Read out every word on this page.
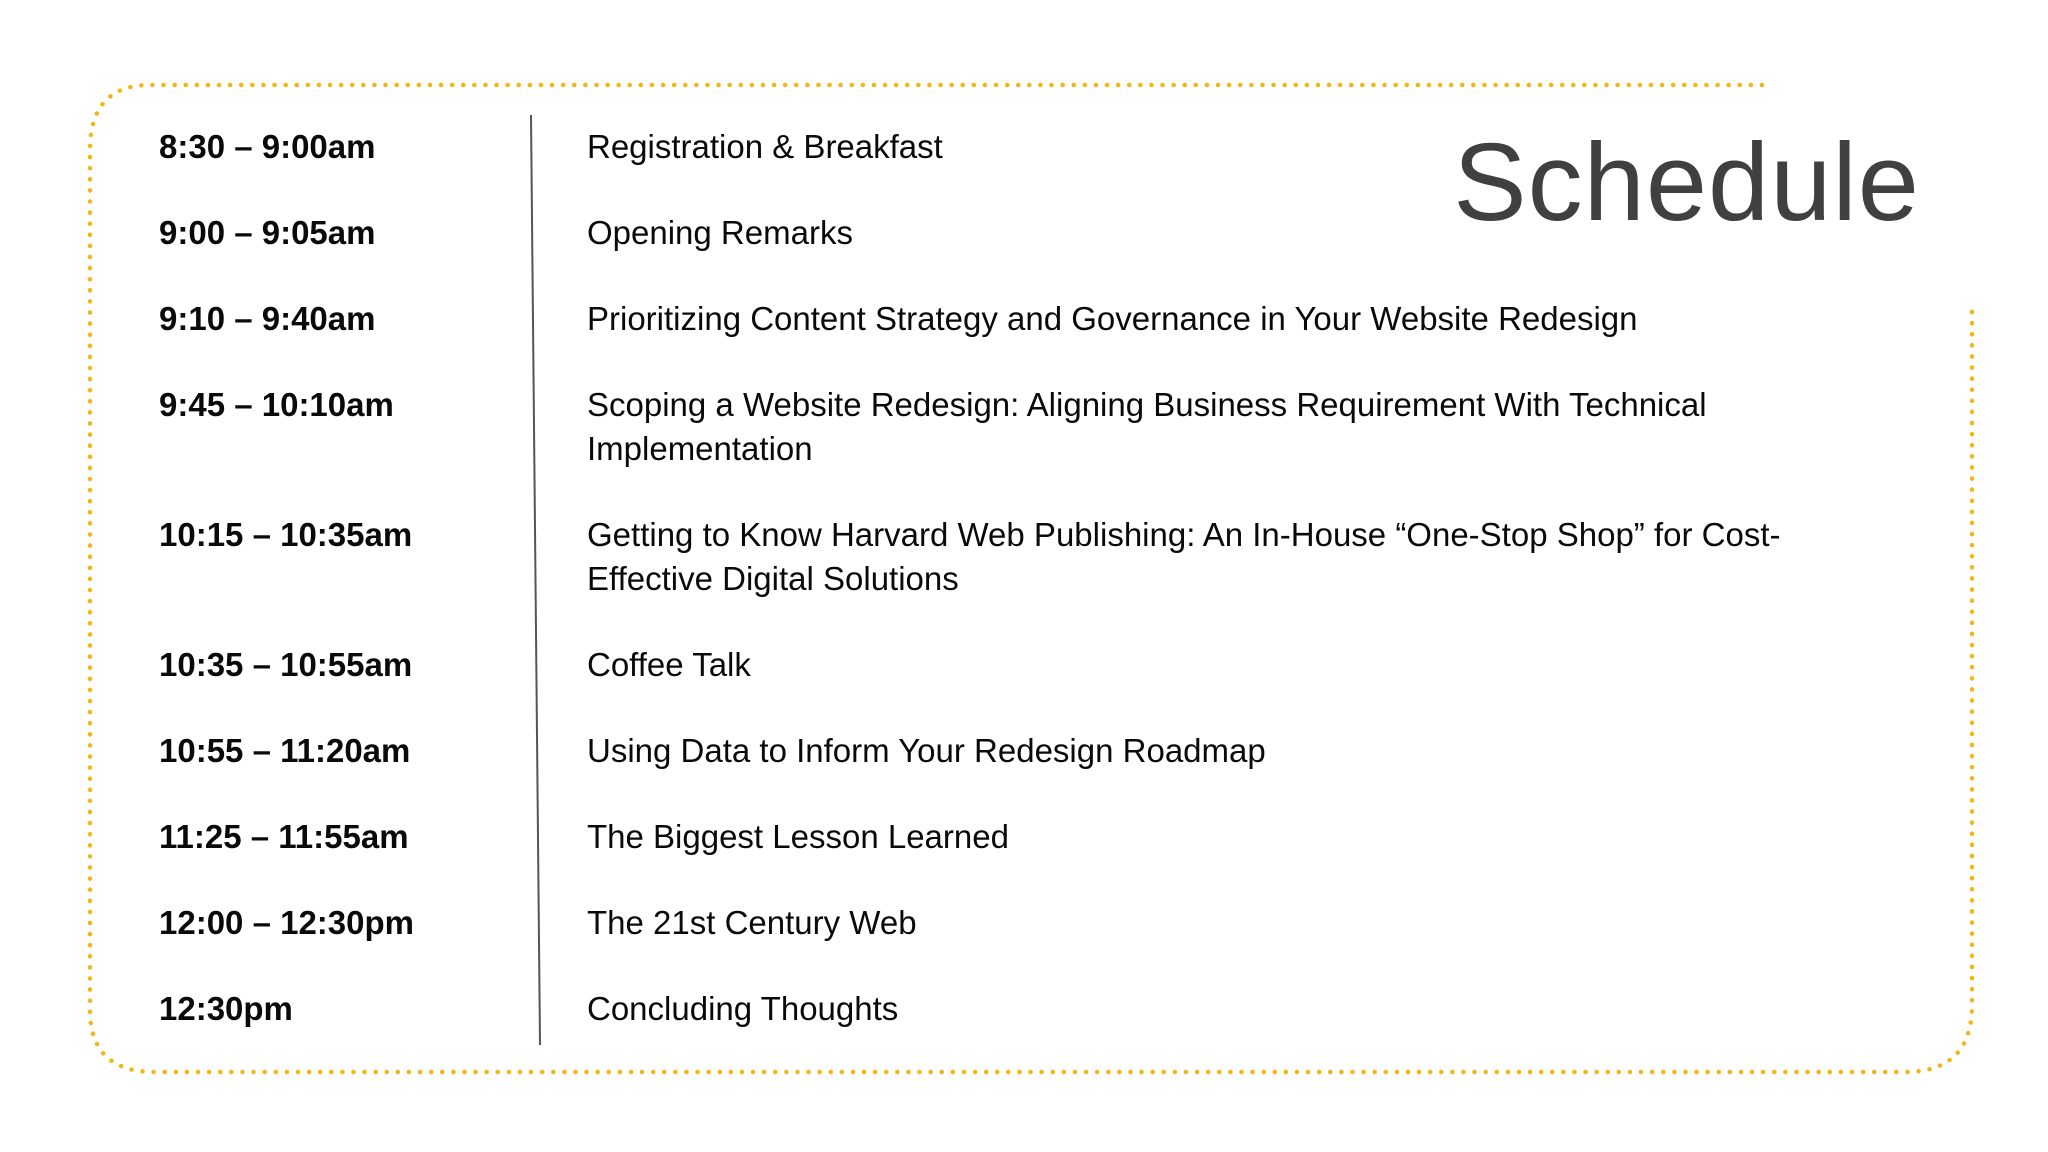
Schedule
8:30 – 9:00am	Registration & Breakfast
9:00 – 9:05am	Opening Remarks
9:10 – 9:40am	Prioritizing Content Strategy and Governance in Your Website Redesign
9:45 – 10:10am	Scoping a Website Redesign: Aligning Business Requirement With Technical Implementation
10:15 – 10:35am	Getting to Know Harvard Web Publishing: An In-House “One-Stop Shop” for Cost-Effective Digital Solutions
10:35 – 10:55am	Coffee Talk
10:55 – 11:20am	Using Data to Inform Your Redesign Roadmap
11:25 – 11:55am	The Biggest Lesson Learned
12:00 – 12:30pm	The 21st Century Web
12:30pm	Concluding Thoughts
